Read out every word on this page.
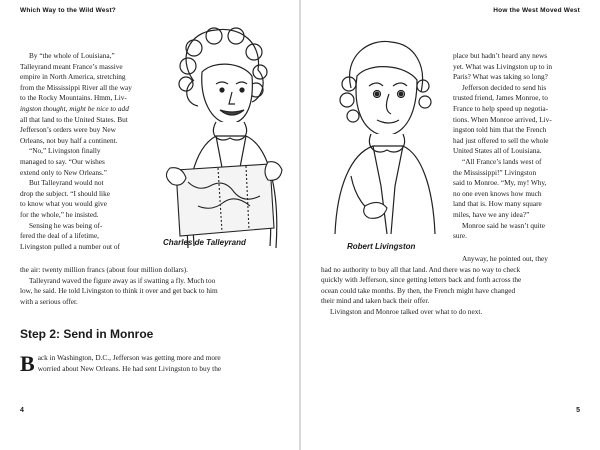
Which Way to the Wild West?

By “the whole of Louisiana,”

Talleyrand meant France’s massive

empire in North America, stretching

from the Mississippi River all the way

to the Rocky Mountains. Hmm, Liv-

ingston thought, might be nice to add

all that land to the United States. But

Jefferson’s orders were buy New

Orleans, not buy half a continent.

“No,” Livingston finally

managed to say. “Our wishes

extend only to New Orleans.”

But Talleyrand would not

drop the subject. “I should like

to know what you would give

for the whole,” he insisted.

Sensing he was being of-

fered the deal of a lifetime,

Livingston pulled a number out of	Charles de Talleyrand

the air: twenty million francs (about four million dollars).

Talleyrand waved the figure away as if swatting a fly. Much too

low, he said. He told Livingston to think it over and get back to him

with a serious offer.

Step 2: Send in Monroe
B ack in Washington, D.C., Jefferson was getting more and more

worried about New Orleans. He had sent Livingston to buy the

4
How the West Moved West
Robert Livingston

place but hadn’t heard any news

yet. What was Livingston up to in

Paris? What was taking so long?

Jefferson decided to send his

trusted friend, James Monroe, to

France to help speed up negotia-

tions. When Monroe arrived, Liv-

ingston told him that the French

had just offered to sell the whole

United States all of Louisiana.

“All France’s lands west of

the Mississippi!” Livingston

said to Monroe. “My, my! Why,

no one even knows how much

land that is. How many square

miles, have we any idea?”

Monroe said he wasn’t quite

sure.

Anyway, he pointed out, they

had no authority to buy all that land. And there was no way to check

quickly with Jefferson, since getting letters back and forth across the

ocean could take months. By then, the French might have changed

their mind and taken back their offer.

Livingston and Monroe talked over what to do next.

5
